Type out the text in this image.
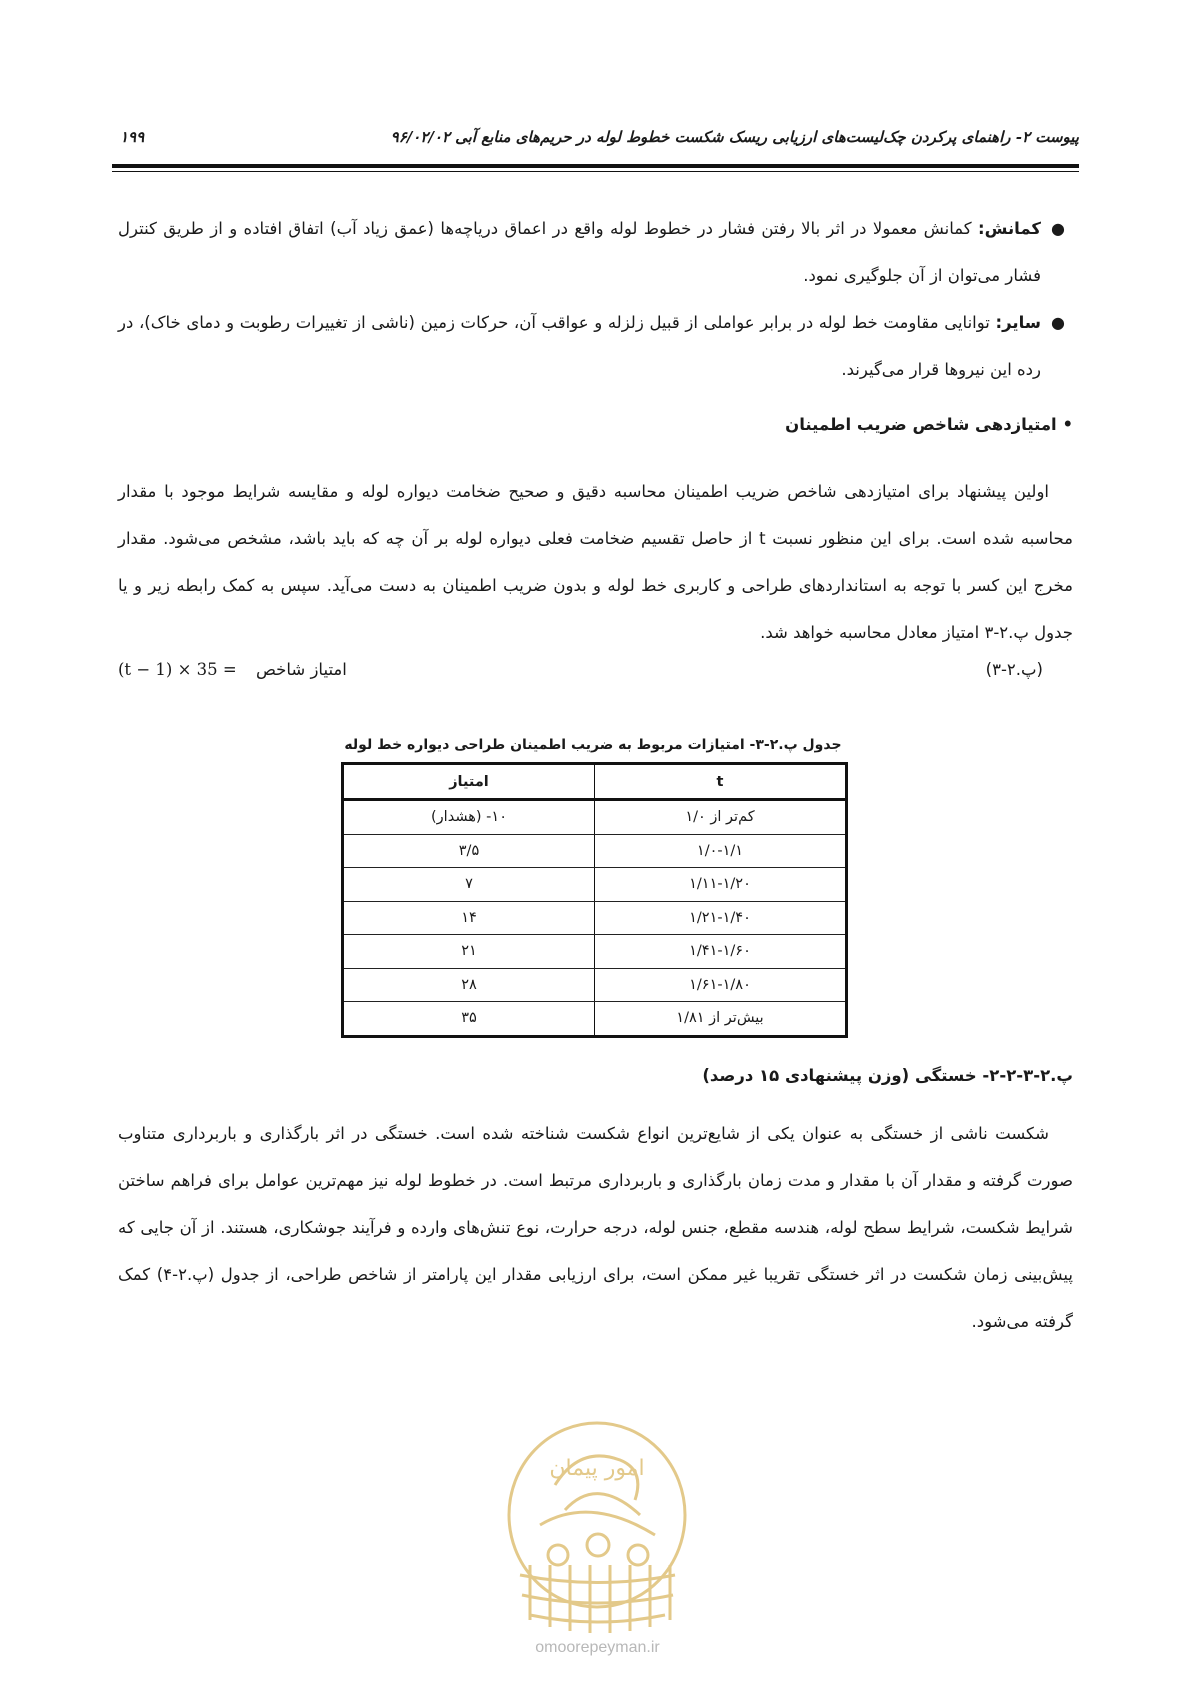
پیوست ۲- راهنمای پرکردن چک‌لیست‌های ارزیابی ریسک شکست خطوط لوله در حریم‌های منابع آبی ۹۶/۰۲/۰۲
۱۹۹
●
کمانش: کمانش معمولا در اثر بالا رفتن فشار در خطوط لوله واقع در اعماق دریاچه‌ها (عمق زیاد آب) اتفاق افتاده و از طریق کنترل فشار می‌توان از آن جلوگیری نمود.
●
سایر: توانایی مقاومت خط لوله در برابر عواملی از قبیل زلزله و عواقب آن، حرکات زمین (ناشی از تغییرات رطوبت و دمای خاک)، در رده این نیروها قرار می‌گیرند.
• امتیازدهی شاخص ضریب اطمینان

اولین پیشنهاد برای امتیازدهی شاخص ضریب اطمینان محاسبه دقیق و صحیح ضخامت دیواره لوله و مقایسه شرایط موجود با مقدار محاسبه شده است. برای این منظور نسبت t از حاصل تقسیم ضخامت فعلی دیواره لوله بر آن چه که باید باشد، مشخص می‌شود. مقدار مخرج این کسر با توجه به استانداردهای طراحی و کاربری خط لوله و بدون ضریب اطمینان به دست می‌آید. سپس به کمک رابطه زیر و یا جدول پ.۲-۳ امتیاز معادل محاسبه خواهد شد.

(t − 1) × 35 = امتیاز شاخص	(پ.۲-۳)
جدول پ.۲-۳- امتیازات مربوط به ضریب اطمینان طراحی دیواره خط لوله
t	امتیاز
کم‌تر از ۱/۰	۱۰- (هشدار)
۱/۰-۱/۱	۳/۵
۱/۱۱-۱/۲۰	۷
۱/۲۱-۱/۴۰	۱۴
۱/۴۱-۱/۶۰	۲۱
۱/۶۱-۱/۸۰	۲۸
بیش‌تر از ۱/۸۱	۳۵
پ.۲-۳-۲-۲- خستگی (وزن پیشنهادی ۱۵ درصد)

شکست ناشی از خستگی به عنوان یکی از شایع‌ترین انواع شکست شناخته شده است. خستگی در اثر بارگذاری و باربرداری متناوب صورت گرفته و مقدار آن با مقدار و مدت زمان بارگذاری و باربرداری مرتبط است. در خطوط لوله نیز مهم‌ترین عوامل برای فراهم ساختن شرایط شکست، شرایط سطح لوله، هندسه مقطع، جنس لوله، درجه حرارت، نوع تنش‌های وارده و فرآیند جوشکاری، هستند. از آن جایی که پیش‌بینی زمان شکست در اثر خستگی تقریبا غیر ممکن است، برای ارزیابی مقدار این پارامتر از شاخص طراحی، از جدول (پ.۲-۴) کمک گرفته می‌شود.

امور پیمان
omoorepeyman.ir
